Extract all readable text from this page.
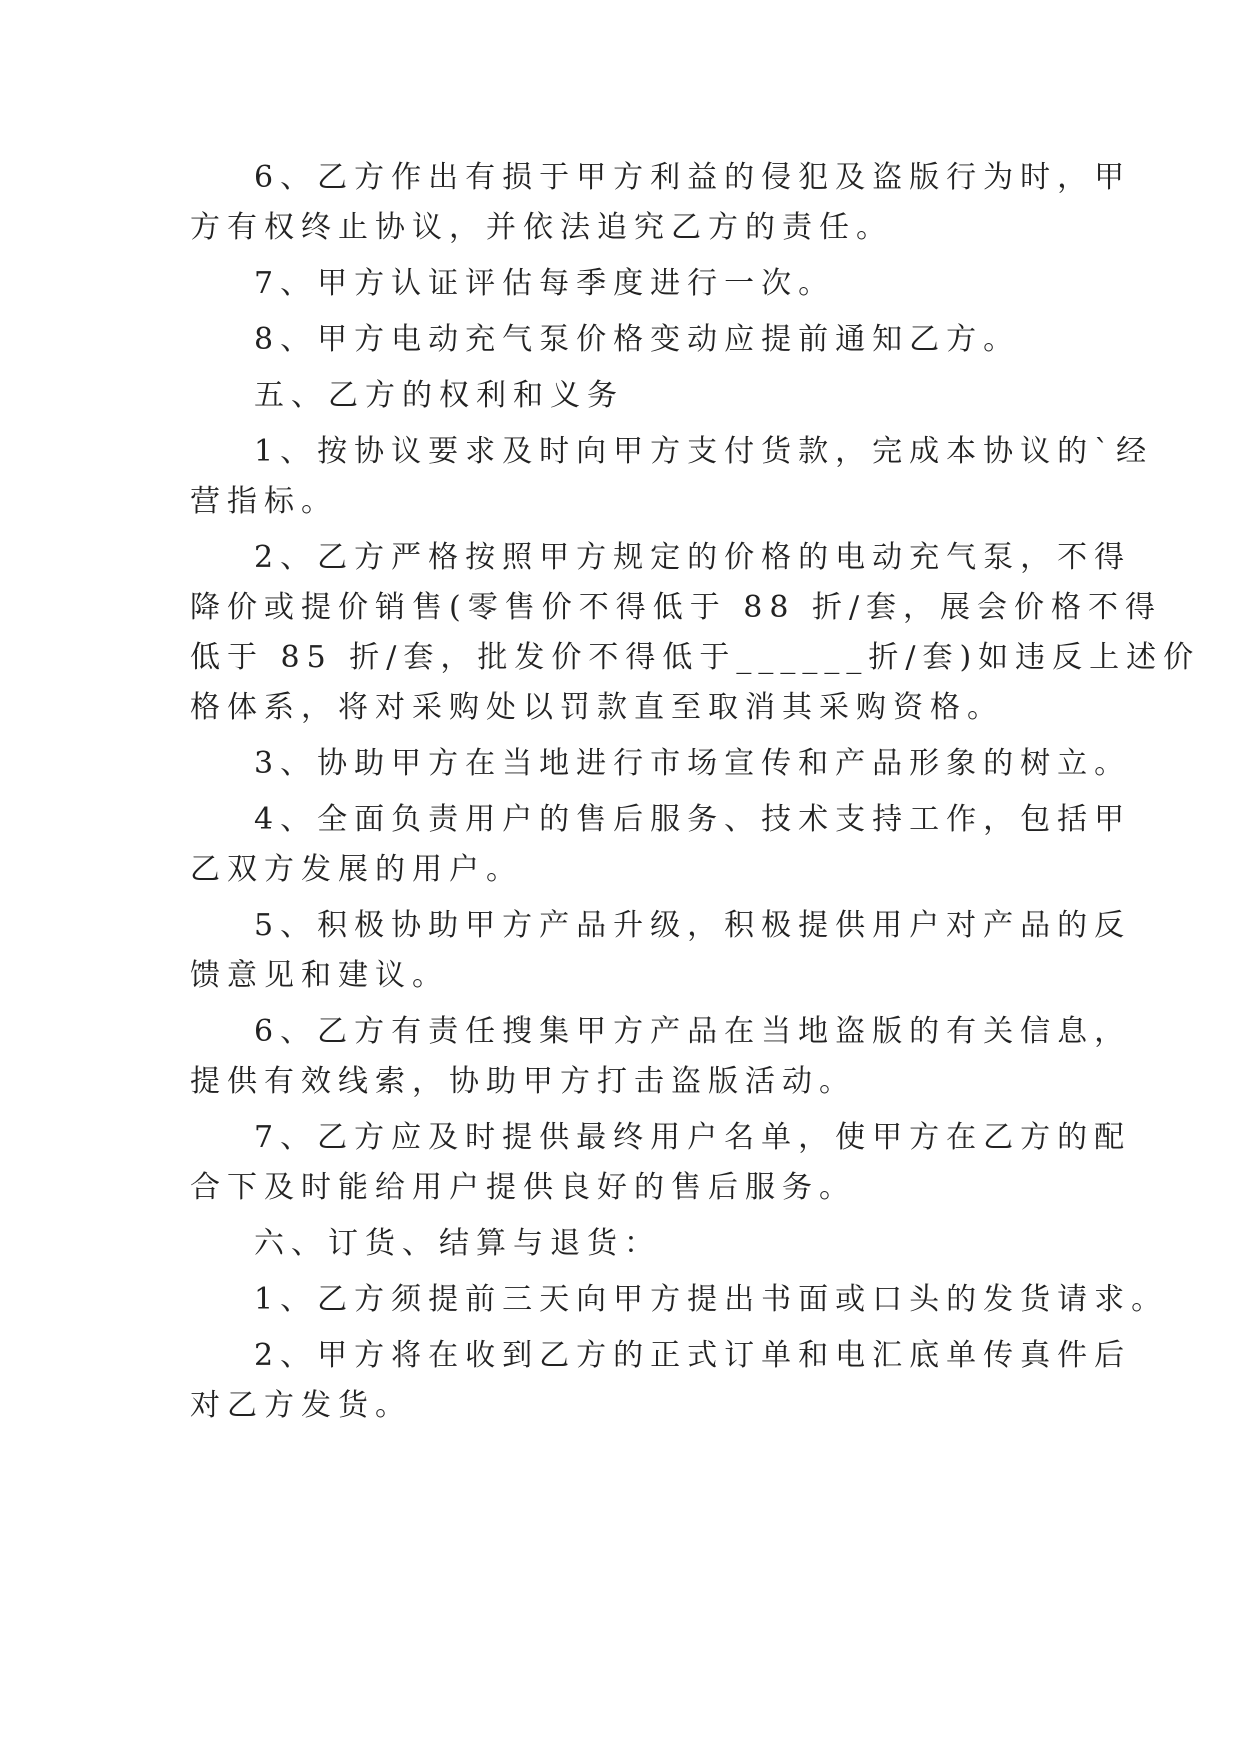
6、乙方作出有损于甲方利益的侵犯及盗版行为时，甲
方有权终止协议，并依法追究乙方的责任。
7、甲方认证评估每季度进行一次。
8、甲方电动充气泵价格变动应提前通知乙方。
五、乙方的权利和义务
1、按协议要求及时向甲方支付货款，完成本协议的`经
营指标。
2、乙方严格按照甲方规定的价格的电动充气泵，不得
降价或提价销售(零售价不得低于 88 折/套，展会价格不得
低于 85 折/套，批发价不得低于______折/套)如违反上述价
格体系，将对采购处以罚款直至取消其采购资格。
3、协助甲方在当地进行市场宣传和产品形象的树立。
4、全面负责用户的售后服务、技术支持工作，包括甲
乙双方发展的用户。
5、积极协助甲方产品升级，积极提供用户对产品的反
馈意见和建议。
6、乙方有责任搜集甲方产品在当地盗版的有关信息，
提供有效线索，协助甲方打击盗版活动。
7、乙方应及时提供最终用户名单，使甲方在乙方的配
合下及时能给用户提供良好的售后服务。
六、订货、结算与退货：
1、乙方须提前三天向甲方提出书面或口头的发货请求。
2、甲方将在收到乙方的正式订单和电汇底单传真件后
对乙方发货。
